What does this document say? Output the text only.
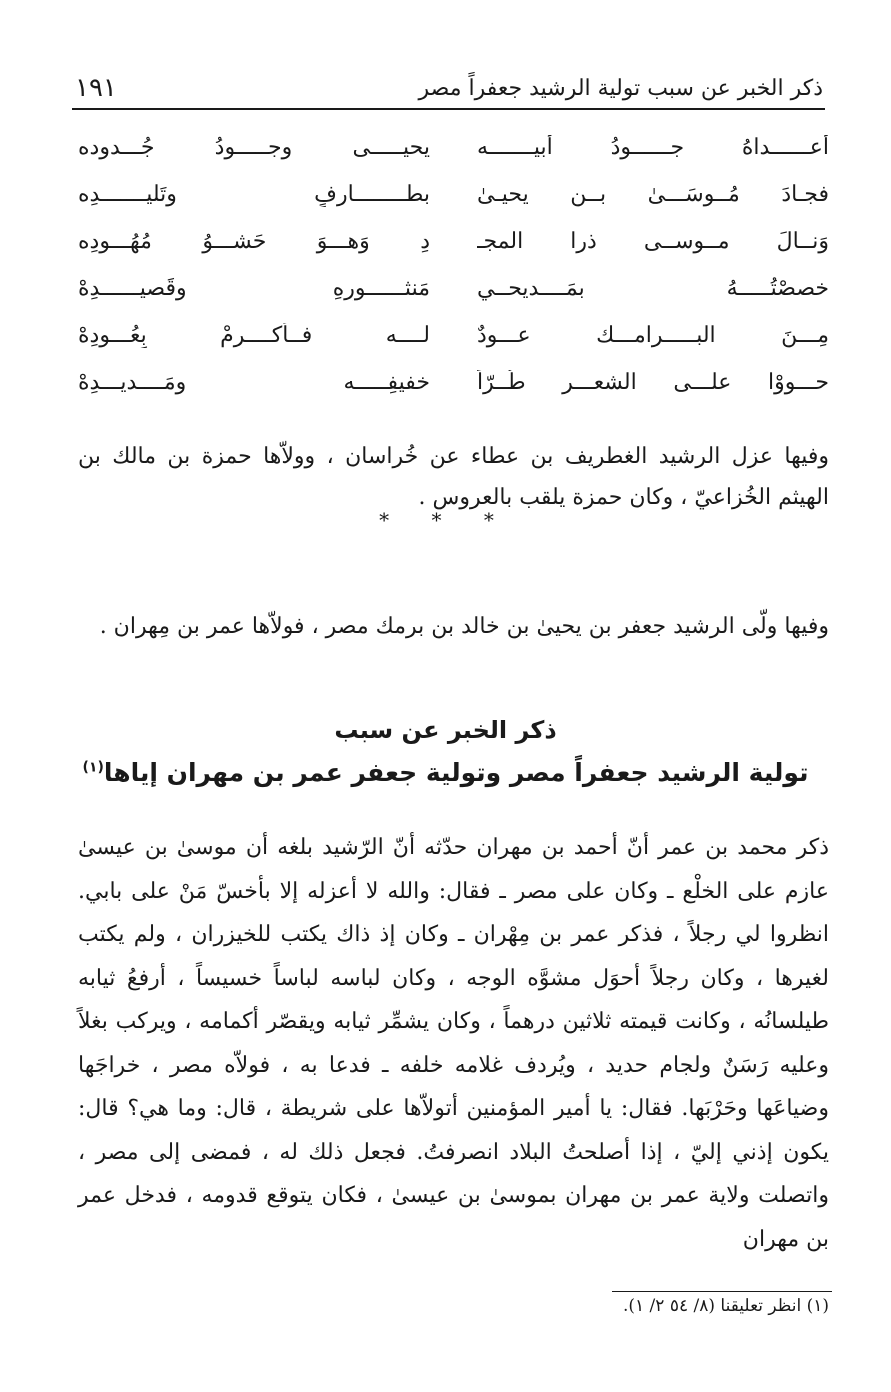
ذكر الخبر عن سبب تولية الرشيد جعفراً مصر
١٩١
أَعــــــداهُ جــــــودُ أَبيـــــــه
يحيـــــى وجـــــودُ جُـــدوده
فجـادَ مُــوسَـــىٰ بــن يحيـىٰ
بطــــــــارفٍ وتَليـــــــدِه
وَنــالَ مــوســى ذرا المجـ
دِ وَهـــوَ حَشـــوُ مُهُـــودِه
خصصْتُـــــهُ بمَــــديحــي
مَنثــــــورِهِ وقَصيــــــدِهْ
مِـــنَ البـــــرامـــك عـــودٌ
لــــه فــأَكــــرِمْ بِعُـــودِهْ
حـــووْا علـــى الشعـــر طُــرّاً
خفيفِـــــه ومَــــديـــدِهْ

وفيها عزل الرشيد الغطريف بن عطاء عن خُراسان ، وولاّها حمزة بن مالك بن الهيثم الخُزاعيّ ، وكان حمزة يلقب بالعروس .

* * *

وفيها ولّى الرشيد جعفر بن يحيىٰ بن خالد بن برمك مصر ، فولاّها عمر بن مِهران .

ذكر الخبر عن سبب
تولية الرشيد جعفراً مصر وتولية جعفر عمر بن مهران إياها$^{(١)}$

ذكر محمد بن عمر أنّ أحمد بن مهران حدّثه أنّ الرّشيد بلغه أن موسىٰ بن عيسىٰ عازم على الخلْع ـ وكان على مصر ـ فقال: والله لا أعزله إلا بأخسّ مَنْ على بابي. انظروا لي رجلاً ، فذكر عمر بن مِهْران ـ وكان إذ ذاك يكتب للخيزران ، ولم يكتب لغيرها ، وكان رجلاً أحوَل مشوَّه الوجه ، وكان لباسه لباساً خسيساً ، أرفعُ ثيابه طيلسانُه ، وكانت قيمته ثلاثين درهماً ، وكان يشمِّر ثيابه ويقصّر أكمامه ، ويركب بغلاً وعليه رَسَنٌ ولجام حديد ، ويُردف غلامه خلفه ـ فدعا به ، فولاّه مصر ، خراجَها وضياعَها وحَرْبَها. فقال: يا أمير المؤمنين أتولاّها على شريطة ، قال: وما هي؟ قال: يكون إذني إليّ ، إذا أصلحتُ البلاد انصرفتُ. فجعل ذلك له ، فمضى إلى مصر ، واتصلت ولاية عمر بن مهران بموسىٰ بن عيسىٰ ، فكان يتوقع قدومه ، فدخل عمر بن مهران

(١) انظر تعليقنا (٨/ ٥٤ ٢/ ١).
